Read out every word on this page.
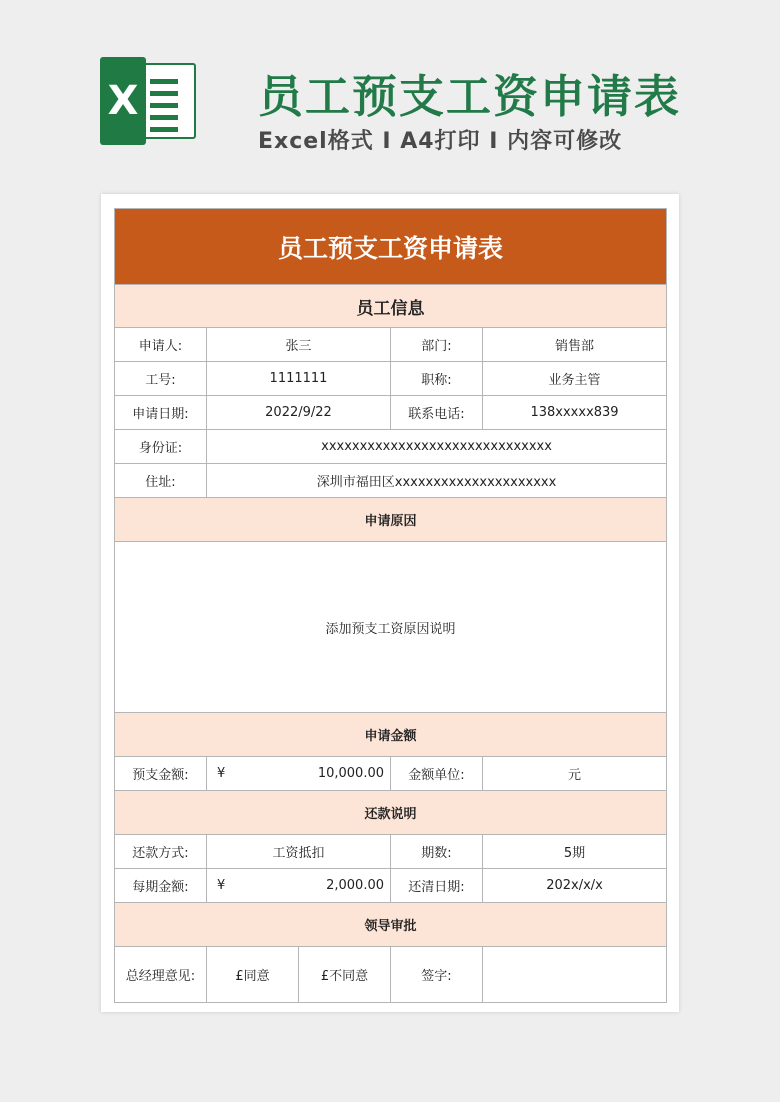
X	员工预支工资申请表
Excel格式 Ⅰ A4打印 Ⅰ 内容可修改
员工预支工资申请表				
员工信息				
申请人:	张三		部门:	销售部
工号:	1111111		职称:	业务主管
申请日期:	2022/9/22		联系电话:	138xxxxx839
身份证:	xxxxxxxxxxxxxxxxxxxxxxxxxxxxxx			
住址:	深圳市福田区xxxxxxxxxxxxxxxxxxxxx			
申请原因				
添加预支工资原因说明				
申请金额				
预支金额:	¥ 10,000.00		金额单位:	元
还款说明				
还款方式:	工资抵扣		期数:	5期
每期金额:	¥ 2,000.00		还清日期:	202x/x/x
领导审批				
总经理意见:	£同意	£不同意	签字:	
